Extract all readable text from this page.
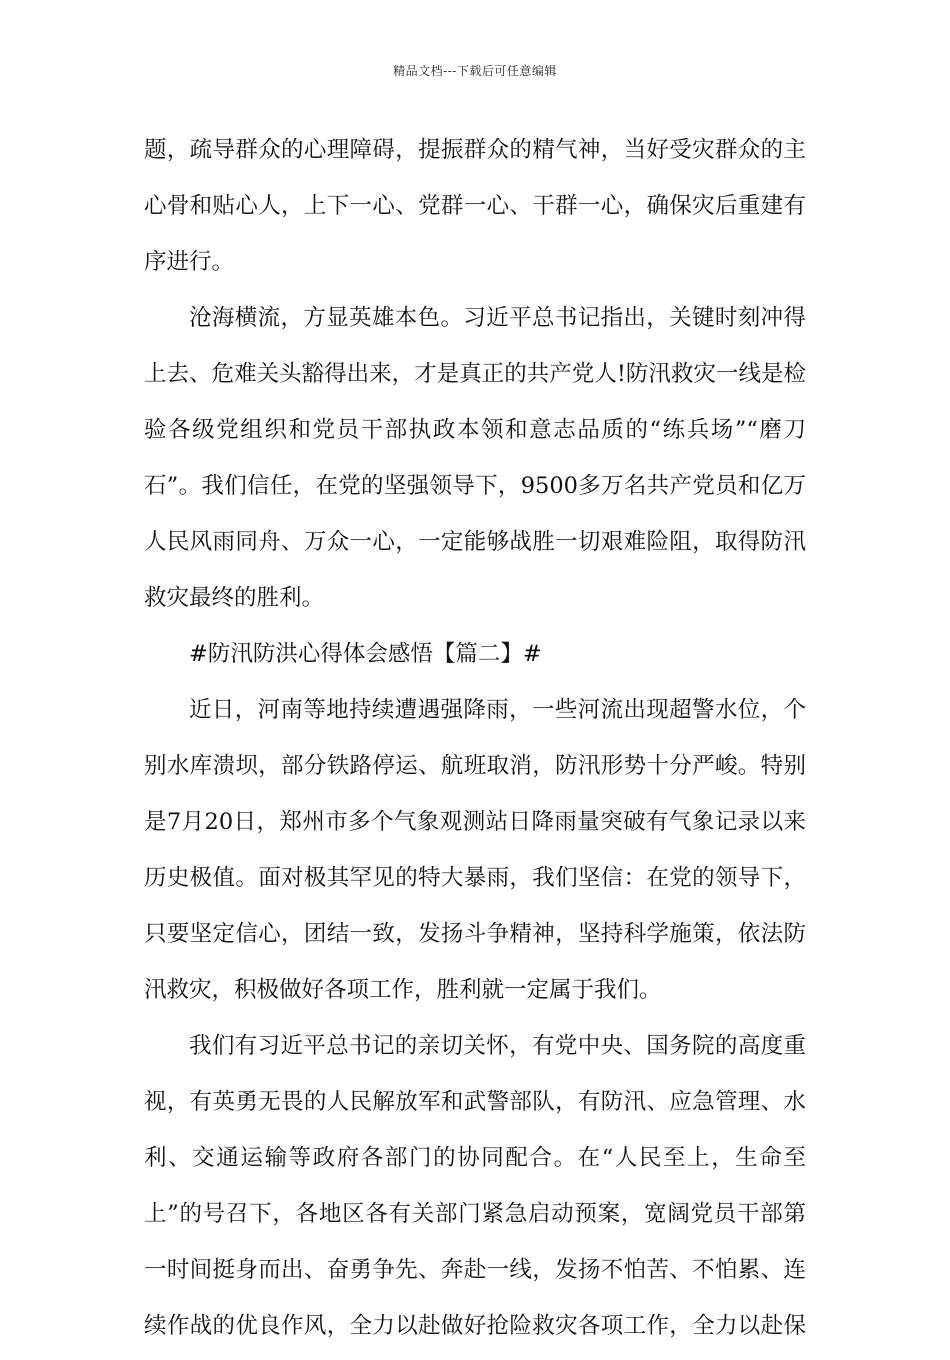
精品文档---下载后可任意编辑
题，疏导群众的心理障碍，提振群众的精气神，当好受灾群众的主
心骨和贴心人，上下一心、党群一心、干群一心，确保灾后重建有
序进行。
沧海横流，方显英雄本色。习近平总书记指出，关键时刻冲得
上去、危难关头豁得出来，才是真正的共产党人!防汛救灾一线是检
验各级党组织和党员干部执政本领和意志品质的“练兵场”“磨刀
石”。我们信任，在党的坚强领导下，9500多万名共产党员和亿万
人民风雨同舟、万众一心，一定能够战胜一切艰难险阻，取得防汛
救灾最终的胜利。
#防汛防洪心得体会感悟【篇二】#
近日，河南等地持续遭遇强降雨，一些河流出现超警水位，个
别水库溃坝，部分铁路停运、航班取消，防汛形势十分严峻。特别
是7月20日，郑州市多个气象观测站日降雨量突破有气象记录以来
历史极值。面对极其罕见的特大暴雨，我们坚信：在党的领导下，
只要坚定信心，团结一致，发扬斗争精神，坚持科学施策，依法防
汛救灾，积极做好各项工作，胜利就一定属于我们。
我们有习近平总书记的亲切关怀，有党中央、国务院的高度重
视，有英勇无畏的人民解放军和武警部队，有防汛、应急管理、水
利、交通运输等政府各部门的协同配合。在“人民至上，生命至
上”的号召下，各地区各有关部门紧急启动预案，宽阔党员干部第
一时间挺身而出、奋勇争先、奔赴一线，发扬不怕苦、不怕累、连
续作战的优良作风，全力以赴做好抢险救灾各项工作，全力以赴保
